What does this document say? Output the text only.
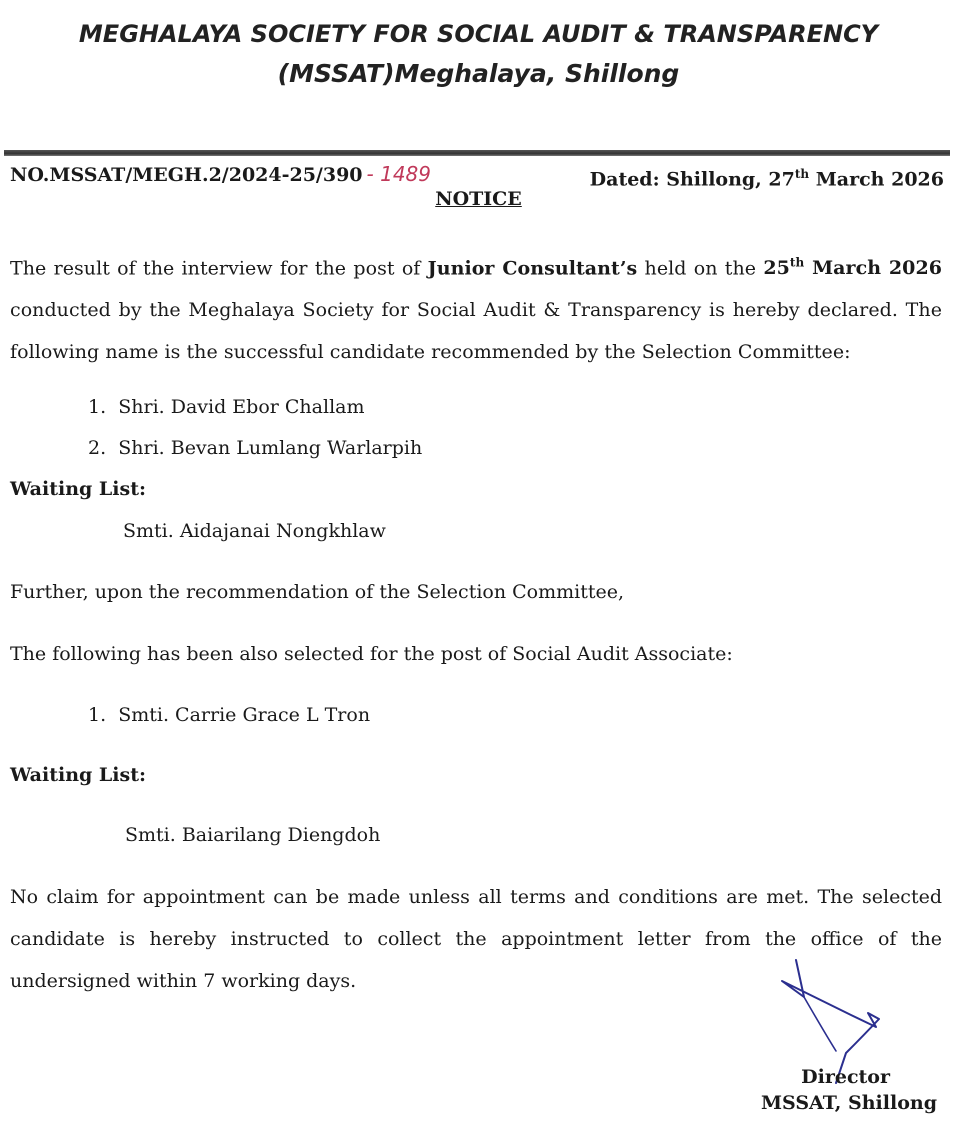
MEGHALAYA SOCIETY FOR SOCIAL AUDIT & TRANSPARENCY
(MSSAT)Meghalaya, Shillong
NO.MSSAT/MEGH.2/2024-25/390 - 1489	Dated: Shillong, 27th March 2026
NOTICE
The result of the interview for the post of Junior Consultant’s held on the 25th March 2026 conducted by the Meghalaya Society for Social Audit & Transparency is hereby declared. The following name is the successful candidate recommended by the Selection Committee:
1. Shri. David Ebor Challam
2. Shri. Bevan Lumlang Warlarpih
Waiting List:
Smti. Aidajanai Nongkhlaw
Further, upon the recommendation of the Selection Committee,
The following has been also selected for the post of Social Audit Associate:
1. Smti. Carrie Grace L Tron
Waiting List:
Smti. Baiarilang Diengdoh
No claim for appointment can be made unless all terms and conditions are met. The selected candidate is hereby instructed to collect the appointment letter from the office of the undersigned within 7 working days.
Director
MSSAT, Shillong
